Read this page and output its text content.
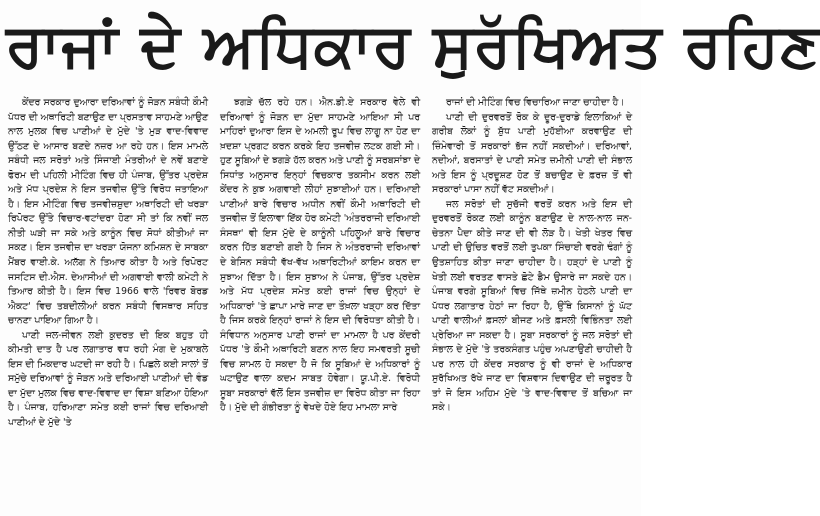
ਰਾਜਾਂ ਦੇ ਅਧਿਕਾਰ ਸੁਰੱਖਿਅਤ ਰਹਿਣ

ਕੇਂਦਰ ਸਰਕਾਰ ਦੁਆਰਾ ਦਰਿਆਵਾਂ ਨੂੰ ਜੋੜਨ ਸਬੰਧੀ ਕੌਮੀ ਪੱਧਰ ਦੀ ਅਥਾਰਿਟੀ ਬਣਾਉਣ ਦਾ ਪ੍ਰਸਤਾਵ ਸਾਹਮਣੇ ਆਉਣ ਨਾਲ ਮੁਲਕ ਵਿਚ ਪਾਣੀਆਂ ਦੇ ਮੁੱਦੇ 'ਤੇ ਮੁੜ ਵਾਦ-ਵਿਵਾਦ ਉੱਠਣ ਦੇ ਆਸਾਰ ਬਣਦੇ ਨਜ਼ਰ ਆ ਰਹੇ ਹਨ। ਇਸ ਮਾਮਲੇ ਸਬੰਧੀ ਜਲ ਸਰੋਤਾਂ ਅਤੇ ਸਿੰਜਾਈ ਮੰਤਰੀਆਂ ਦੇ ਨਵੇਂ ਬਣਾਏ ਫੋਰਮ ਦੀ ਪਹਿਲੀ ਮੀਟਿੰਗ ਵਿਚ ਹੀ ਪੰਜਾਬ, ਉੱਤਰ ਪ੍ਰਦੇਸ਼ ਅਤੇ ਮੱਧ ਪ੍ਰਦੇਸ਼ ਨੇ ਇਸ ਤਜਵੀਜ਼ ਉੱਤੇ ਵਿਰੋਧ ਜਤਾਇਆ ਹੈ। ਇਸ ਮੀਟਿੰਗ ਵਿਚ ਤਜਵੀਜ਼ਸ਼ੁਦਾ ਅਥਾਰਿਟੀ ਦੀ ਖਰੜਾ ਰਿਪੋਰਟ ਉੱਤੇ ਵਿਚਾਰ-ਵਟਾਂਦਰਾ ਹੋਣਾ ਸੀ ਤਾਂ ਕਿ ਨਵੀਂ ਜਲ ਨੀਤੀ ਘੜੀ ਜਾ ਸਕੇ ਅਤੇ ਕਾਨੂੰਨ ਵਿਚ ਸੋਧਾਂ ਕੀਤੀਆਂ ਜਾ ਸਕਣ। ਇਸ ਤਜਵੀਜ਼ ਦਾ ਖਰੜਾ ਯੋਜਨਾ ਕਮਿਸ਼ਨ ਦੇ ਸਾਬਕਾ ਮੈਂਬਰ ਵਾਈ.ਕੇ. ਅਲੱਗ ਨੇ ਤਿਆਰ ਕੀਤਾ ਹੈ ਅਤੇ ਰਿਪੋਰਟ ਜਸਟਿਸ ਦੀ.ਐਸ. ਦੇਆਸੀਆਂ ਦੀ ਅਗਵਾਈ ਵਾਲੀ ਕਮੇਟੀ ਨੇ ਤਿਆਰ ਕੀਤੀ ਹੈ। ਇਸ ਵਿਚ 1966 ਵਾਲੇ 'ਰਿਵਰ ਬੋਰਡ ਐਕਟ' ਵਿਚ ਤਬਦੀਲੀਆਂ ਕਰਨ ਸਬੰਧੀ ਵਿਸਥਾਰ ਸਹਿਤ ਚਾਨਣਾ ਪਾਇਆ ਗਿਆ ਹੈ।

ਪਾਣੀ ਜਲ-ਜੀਵਨ ਲਈ ਕੁਦਰਤ ਦੀ ਇਕ ਬਹੁਤ ਹੀ ਕੀਮਤੀ ਦਾਤ ਹੈ ਪਰ ਲਗਾਤਾਰ ਵਧ ਰਹੀ ਮੰਗ ਦੇ ਮੁਕਾਬਲੇ ਇਸ ਦੀ ਮਿਕਦਾਰ ਘਟਦੀ ਜਾ ਰਹੀ ਹੈ। ਪਿਛਲੇ ਕਈ ਸਾਲਾਂ ਤੋਂ ਸਮੁੱਚੇ ਦਰਿਆਵਾਂ ਨੂੰ ਜੋੜਨ ਅਤੇ ਦਰਿਆਈ ਪਾਣੀਆਂ ਦੀ ਵੰਡ ਦਾ ਮੁੱਦਾ ਮੁਲਕ ਵਿਚ ਵਾਦ-ਵਿਵਾਦ ਦਾ ਵਿਸ਼ਾ ਬਣਿਆ ਹੋਇਆ ਹੈ। ਪੰਜਾਬ, ਹਰਿਆਣਾ ਸਮੇਤ ਕਈ ਰਾਜਾਂ ਵਿਚ ਦਰਿਆਈ ਪਾਣੀਆਂ ਦੇ ਮੁੱਦੇ 'ਤੇ

ਝਗੜੇ ਚੱਲ ਰਹੇ ਹਨ। ਐਨ.ਡੀ.ਏ ਸਰਕਾਰ ਵੇਲੇ ਵੀ ਦਰਿਆਵਾਂ ਨੂੰ ਜੋੜਨ ਦਾ ਮੁੱਦਾ ਸਾਹਮਣੇ ਆਇਆ ਸੀ ਪਰ ਮਾਹਿਰਾਂ ਦੁਆਰਾ ਇਸ ਦੇ ਅਮਲੀ ਰੂਪ ਵਿਚ ਲਾਗੂ ਨਾ ਹੋਣ ਦਾ ਖ਼ਦਸ਼ਾ ਪ੍ਰਗਟ ਕਰਨ ਕਰਕੇ ਇਹ ਤਜਵੀਜ਼ ਲਟਕ ਗਈ ਸੀ। ਹੁਣ ਸੂਬਿਆਂ ਦੇ ਝਗੜੇ ਹੱਲ ਕਰਨ ਅਤੇ ਪਾਣੀ ਨੂੰ ਸਰਬਸਾਂਝਾ ਦੇ ਸਿਧਾਂਤ ਅਨੁਸਾਰ ਇਨ੍ਹਾਂ ਵਿਚਕਾਰ ਤਕਸੀਮ ਕਰਨ ਲਈ ਕੇਂਦਰ ਨੇ ਕੁਝ ਅਗਵਾਈ ਲੀਹਾਂ ਸੁਝਾਈਆਂ ਹਨ। ਦਰਿਆਈ ਪਾਣੀਆਂ ਬਾਰੇ ਵਿਚਾਰ ਅਧੀਨ ਨਵੀਂ ਕੌਮੀ ਅਥਾਰਿਟੀ ਦੀ ਤਜਵੀਜ਼ ਤੋਂ ਇਲਾਵਾ ਇੱਕ ਹੋਰ ਕਮੇਟੀ 'ਅੰਤਰਰਾਜੀ ਦਰਿਆਈ ਸੰਸਥਾ' ਵੀ ਇਸ ਮੁੱਦੇ ਦੇ ਕਾਨੂੰਨੀ ਪਹਿਲੂਆਂ ਬਾਰੇ ਵਿਚਾਰ ਕਰਨ ਹਿੱਤ ਬਣਾਈ ਗਈ ਹੈ ਜਿਸ ਨੇ ਅੰਤਰਰਾਜੀ ਦਰਿਆਵਾਂ ਦੇ ਬੇਸਿਨ ਸਬੰਧੀ ਵੱਖ-ਵੱਖ ਅਥਾਰਿਟੀਆਂ ਕਾਇਮ ਕਰਨ ਦਾ ਸੁਝਾਅ ਦਿੱਤਾ ਹੈ। ਇਸ ਸੁਝਾਅ ਨੇ ਪੰਜਾਬ, ਉੱਤਰ ਪ੍ਰਦੇਸ਼ ਅਤੇ ਮੱਧ ਪ੍ਰਦੇਸ਼ ਸਮੇਤ ਕਈ ਰਾਜਾਂ ਵਿਚ ਉਨ੍ਹਾਂ ਦੇ ਅਧਿਕਾਰਾਂ 'ਤੇ ਛਾਪਾ ਮਾਰੇ ਜਾਣ ਦਾ ਤੌਖ਼ਲਾ ਖੜ੍ਹਾ ਕਰ ਦਿੱਤਾ ਹੈ ਜਿਸ ਕਰਕੇ ਇਨ੍ਹਾਂ ਰਾਜਾਂ ਨੇ ਇਸ ਦੀ ਵਿਰੋਧਤਾ ਕੀਤੀ ਹੈ। ਸੰਵਿਧਾਨ ਅਨੁਸਾਰ ਪਾਣੀ ਰਾਜਾਂ ਦਾ ਮਾਮਲਾ ਹੈ ਪਰ ਕੇਂਦਰੀ ਪੱਧਰ 'ਤੇ ਕੌਮੀ ਅਥਾਰਿਟੀ ਬਣਨ ਨਾਲ ਇਹ ਸਮਵਰਤੀ ਸੂਚੀ ਵਿਚ ਸ਼ਾਮਲ ਹੋ ਸਕਦਾ ਹੈ ਜੋ ਕਿ ਸੂਬਿਆਂ ਦੇ ਅਧਿਕਾਰਾਂ ਨੂੰ ਘਟਾਉਣ ਵਾਲਾ ਕਦਮ ਸਾਬਤ ਹੋਵੇਗਾ। ਯੂ.ਪੀ.ਏ. ਵਿਰੋਧੀ ਸੂਬਾ ਸਰਕਾਰਾਂ ਵੱਲੋਂ ਇਸ ਤਜਵੀਜ਼ ਦਾ ਵਿਰੋਧ ਕੀਤਾ ਜਾ ਰਿਹਾ ਹੈ। ਮੁੱਦੇ ਦੀ ਗੰਭੀਰਤਾ ਨੂੰ ਵੇਖਦੇ ਹੋਏ ਇਹ ਮਾਮਲਾ ਸਾਰੇ

ਰਾਜਾਂ ਦੀ ਮੀਟਿੰਗ ਵਿਚ ਵਿਚਾਰਿਆ ਜਾਣਾ ਚਾਹੀਦਾ ਹੈ।

ਪਾਣੀ ਦੀ ਦੁਰਵਰਤੋਂ ਰੋਕ ਕੇ ਦੂਰ-ਦੁਰਾਡੇ ਇਲਾਕਿਆਂ ਦੇ ਗਰੀਬ ਲੋਕਾਂ ਨੂੰ ਸ਼ੁੱਧ ਪਾਣੀ ਮੁਹੱਈਆ ਕਰਵਾਉਣ ਦੀ ਜ਼ਿੰਮੇਵਾਰੀ ਤੋਂ ਸਰਕਾਰਾਂ ਭੱਜ ਨਹੀਂ ਸਕਦੀਆਂ। ਦਰਿਆਵਾਂ, ਨਦੀਆਂ, ਬਰਸਾਤਾਂ ਦੇ ਪਾਣੀ ਸਮੇਤ ਜ਼ਮੀਨੀ ਪਾਣੀ ਦੀ ਸੰਭਾਲ ਅਤੇ ਇਸ ਨੂੰ ਪ੍ਰਦੂਸ਼ਣ ਹੋਣ ਤੋਂ ਬਚਾਉਣ ਦੇ ਫ਼ਰਜ਼ ਤੋਂ ਵੀ ਸਰਕਾਰਾਂ ਪਾਸਾ ਨਹੀਂ ਵੱਟ ਸਕਦੀਆਂ।

ਜਲ ਸਰੋਤਾਂ ਦੀ ਸੁਚੱਜੀ ਵਰਤੋਂ ਕਰਨ ਅਤੇ ਇਸ ਦੀ ਦੁਰਵਰਤੋਂ ਰੋਕਣ ਲਈ ਕਾਨੂੰਨ ਬਣਾਉਣ ਦੇ ਨਾਲ-ਨਾਲ ਜਨ-ਚੇਤਨਾ ਪੈਦਾ ਕੀਤੇ ਜਾਣ ਦੀ ਵੀ ਲੋੜ ਹੈ। ਖੇਤੀ ਖੇਤਰ ਵਿਚ ਪਾਣੀ ਦੀ ਉਚਿਤ ਵਰਤੋਂ ਲਈ ਤੁਪਕਾ ਸਿੰਚਾਈ ਵਰਗੇ ਢੰਗਾਂ ਨੂੰ ਉਤਸ਼ਾਹਿਤ ਕੀਤਾ ਜਾਣਾ ਚਾਹੀਦਾ ਹੈ। ਹੜ੍ਹਾਂ ਦੇ ਪਾਣੀ ਨੂੰ ਖੇਤੀ ਲਈ ਵਰਤਣ ਵਾਸਤੇ ਛੋਟੇ ਡੈਮ ਉਸਾਰੇ ਜਾ ਸਕਦੇ ਹਨ। ਪੰਜਾਬ ਵਰਗੇ ਸੂਬਿਆਂ ਵਿਚ ਜਿੱਥੇ ਜ਼ਮੀਨ ਹੇਠਲੇ ਪਾਣੀ ਦਾ ਪੱਧਰ ਲਗਾਤਾਰ ਹੇਠਾਂ ਜਾ ਰਿਹਾ ਹੈ, ਉੱਥੇ ਕਿਸਾਨਾਂ ਨੂੰ ਘੱਟ ਪਾਣੀ ਵਾਲੀਆਂ ਫ਼ਸਲਾਂ ਬੀਜਣ ਅਤੇ ਫ਼ਸਲੀ ਵਿਭਿੰਨਤਾ ਲਈ ਪ੍ਰੇਰਿਆ ਜਾ ਸਕਦਾ ਹੈ। ਸੂਬਾ ਸਰਕਾਰਾਂ ਨੂੰ ਜਲ ਸਰੋਤਾਂ ਦੀ ਸੰਭਾਲ ਦੇ ਮੁੱਦੇ 'ਤੇ ਤਰਕਸੰਗਤ ਪਹੁੰਚ ਅਪਣਾਉਣੀ ਚਾਹੀਦੀ ਹੈ ਪਰ ਨਾਲ ਹੀ ਕੇਂਦਰ ਸਰਕਾਰ ਨੂੰ ਵੀ ਰਾਜਾਂ ਦੇ ਅਧਿਕਾਰ ਸੁਰੱਖਿਅਤ ਰੱਖੇ ਜਾਣ ਦਾ ਵਿਸ਼ਵਾਸ ਦਿਵਾਉਣ ਦੀ ਜ਼ਰੂਰਤ ਹੈ ਤਾਂ ਜੋ ਇਸ ਅਹਿਮ ਮੁੱਦੇ 'ਤੇ ਵਾਦ-ਵਿਵਾਦ ਤੋਂ ਬਚਿਆ ਜਾ ਸਕੇ।
